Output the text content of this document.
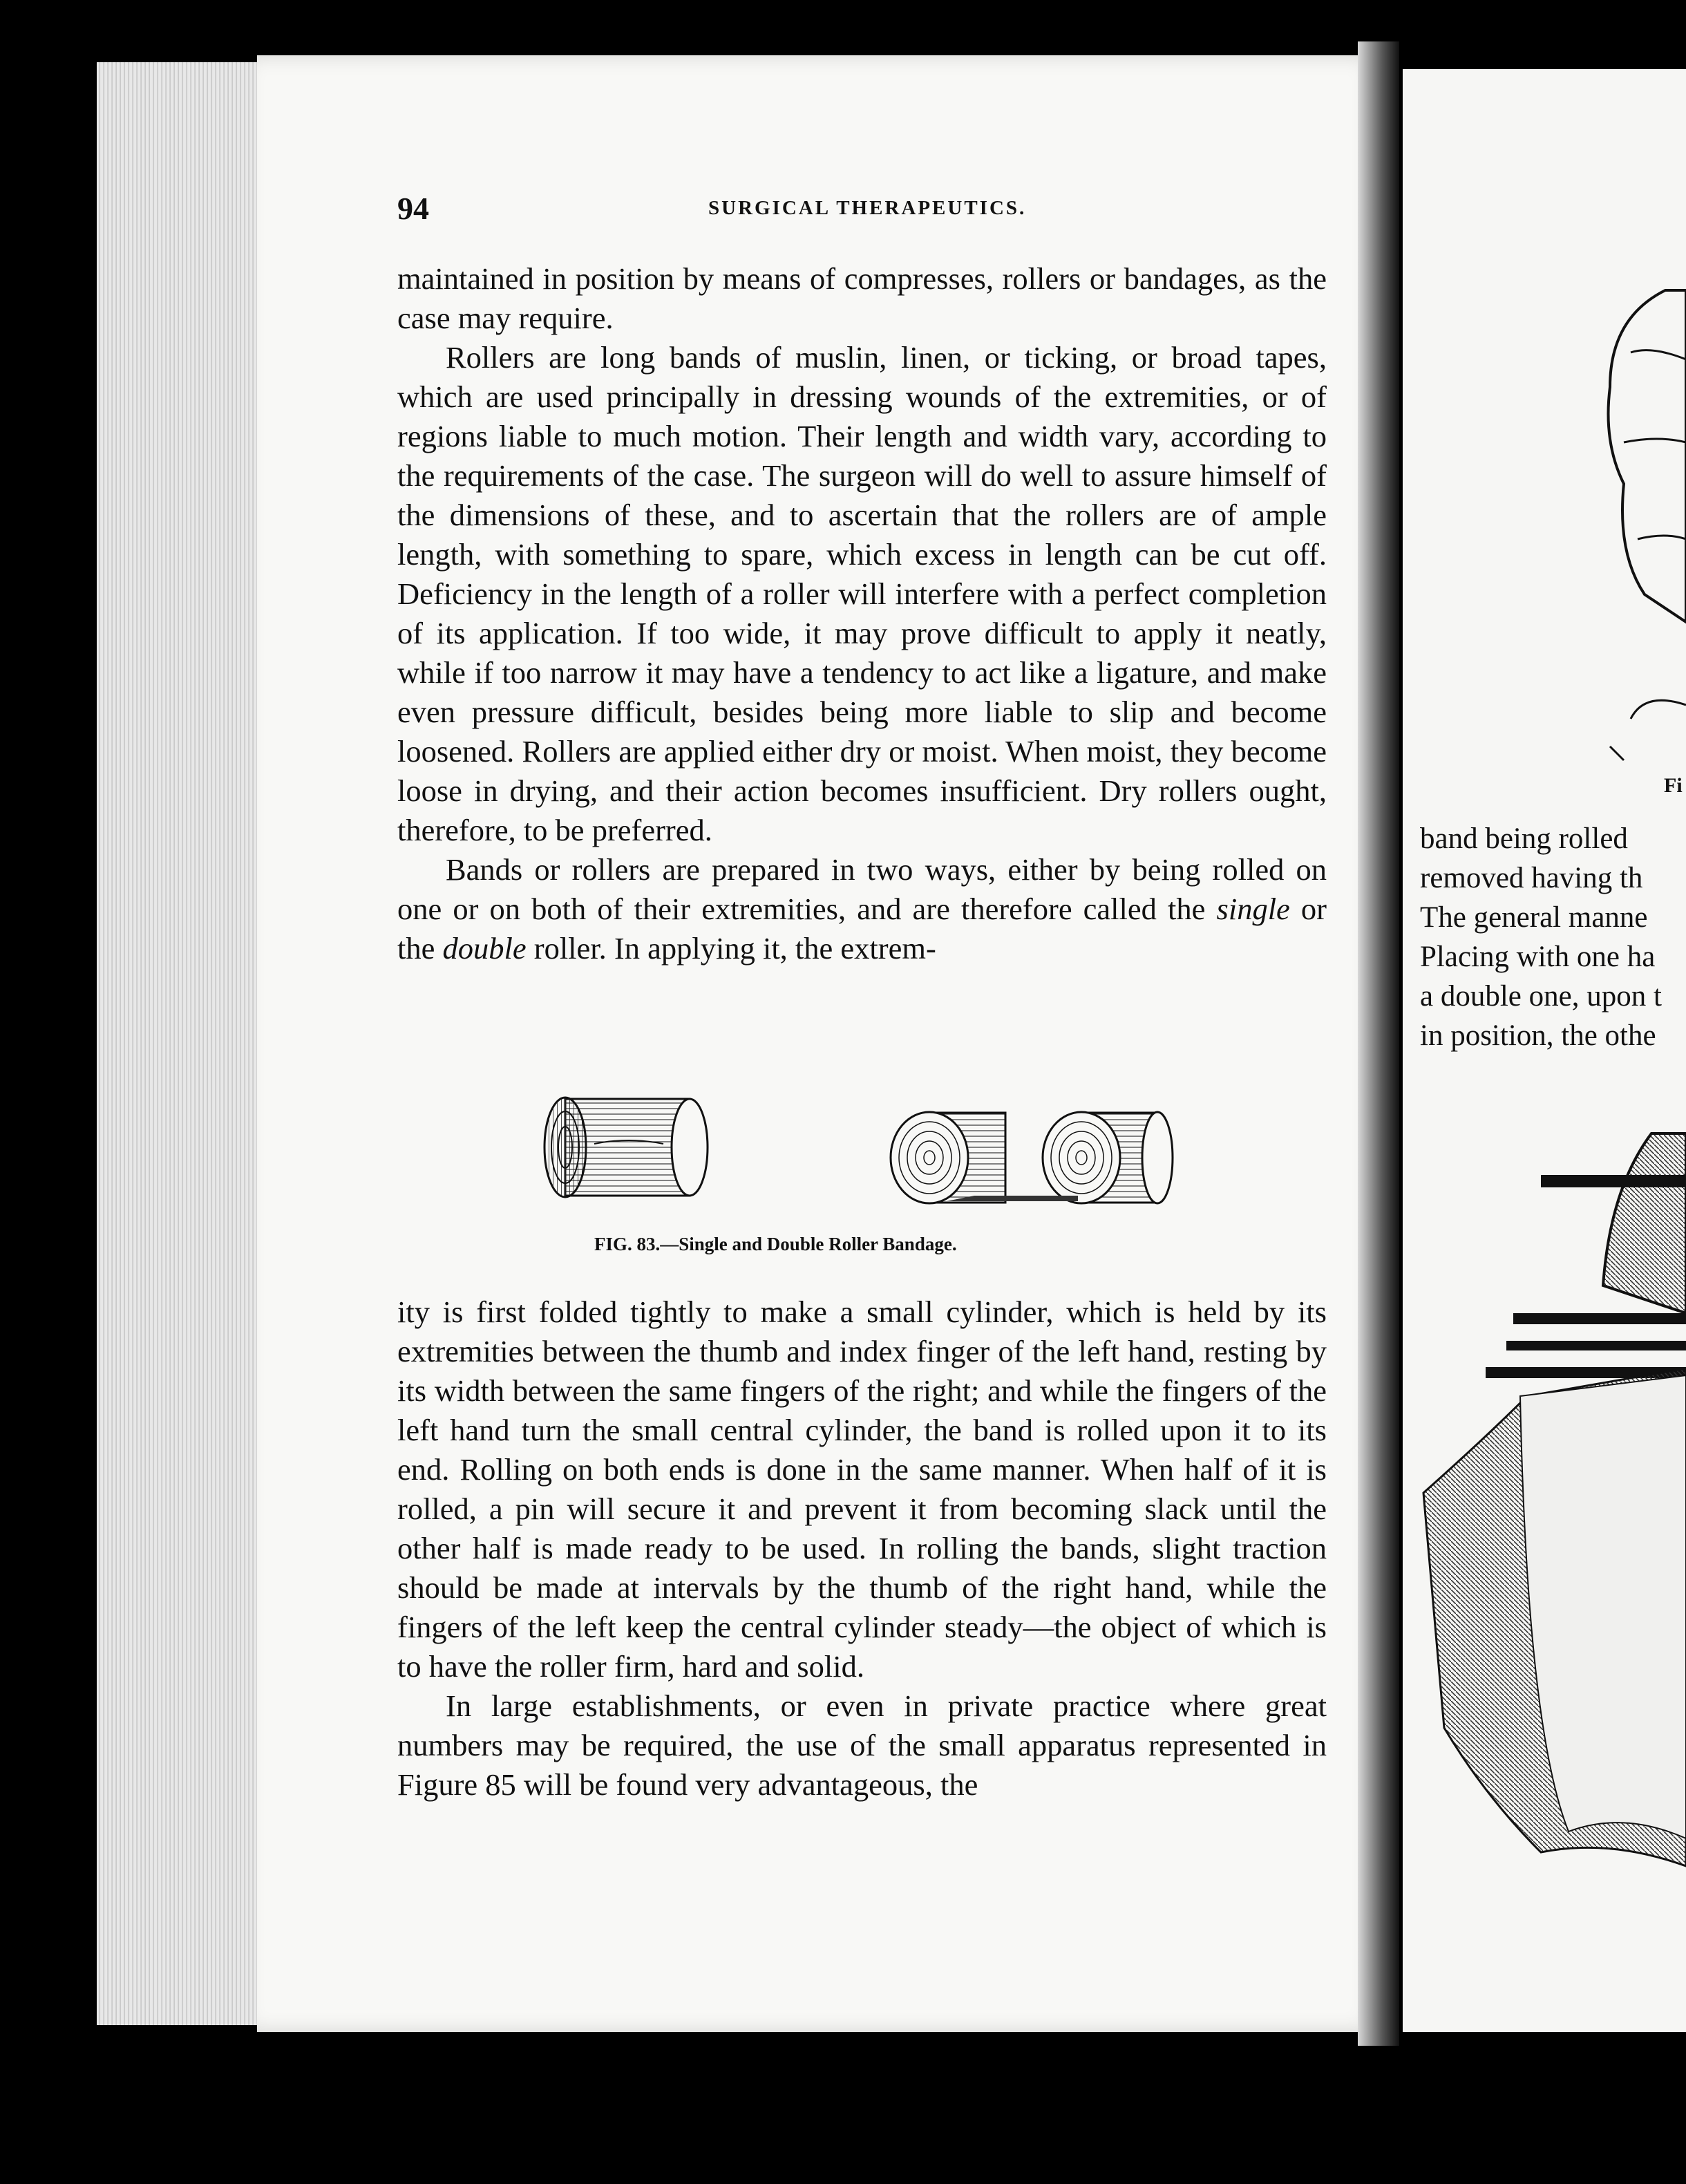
94	SURGICAL THERAPEUTICS.

maintained in position by means of compresses, rollers or bandages, as the case may require.

Rollers are long bands of muslin, linen, or ticking, or broad tapes, which are used principally in dressing wounds of the extremities, or of regions liable to much motion. Their length and width vary, according to the requirements of the case. The surgeon will do well to assure himself of the dimensions of these, and to ascertain that the rollers are of ample length, with something to spare, which excess in length can be cut off. Deficiency in the length of a roller will interfere with a perfect completion of its application. If too wide, it may prove difficult to apply it neatly, while if too narrow it may have a tendency to act like a ligature, and make even pressure difficult, besides being more liable to slip and become loosened. Rollers are applied either dry or moist. When moist, they become loose in drying, and their action becomes insufficient. Dry rollers ought, therefore, to be preferred.

Bands or rollers are prepared in two ways, either by being rolled on one or on both of their extremities, and are therefore called the single or the double roller. In applying it, the extrem-

FIG. 83.—Single and Double Roller Bandage.

ity is first folded tightly to make a small cylinder, which is held by its extremities between the thumb and index finger of the left hand, resting by its width between the same fingers of the right; and while the fingers of the left hand turn the small central cylinder, the band is rolled upon it to its end. Rolling on both ends is done in the same manner. When half of it is rolled, a pin will secure it and prevent it from becoming slack until the other half is made ready to be used. In rolling the bands, slight traction should be made at intervals by the thumb of the right hand, while the fingers of the left keep the central cylinder steady—the object of which is to have the roller firm, hard and solid.

In large establishments, or even in private practice where great numbers may be required, the use of the small apparatus represented in Figure 85 will be found very advantageous, the

Fi
band being rolled
removed having th
The general manne
Placing with one ha
a double one, upon t
in position, the othe
